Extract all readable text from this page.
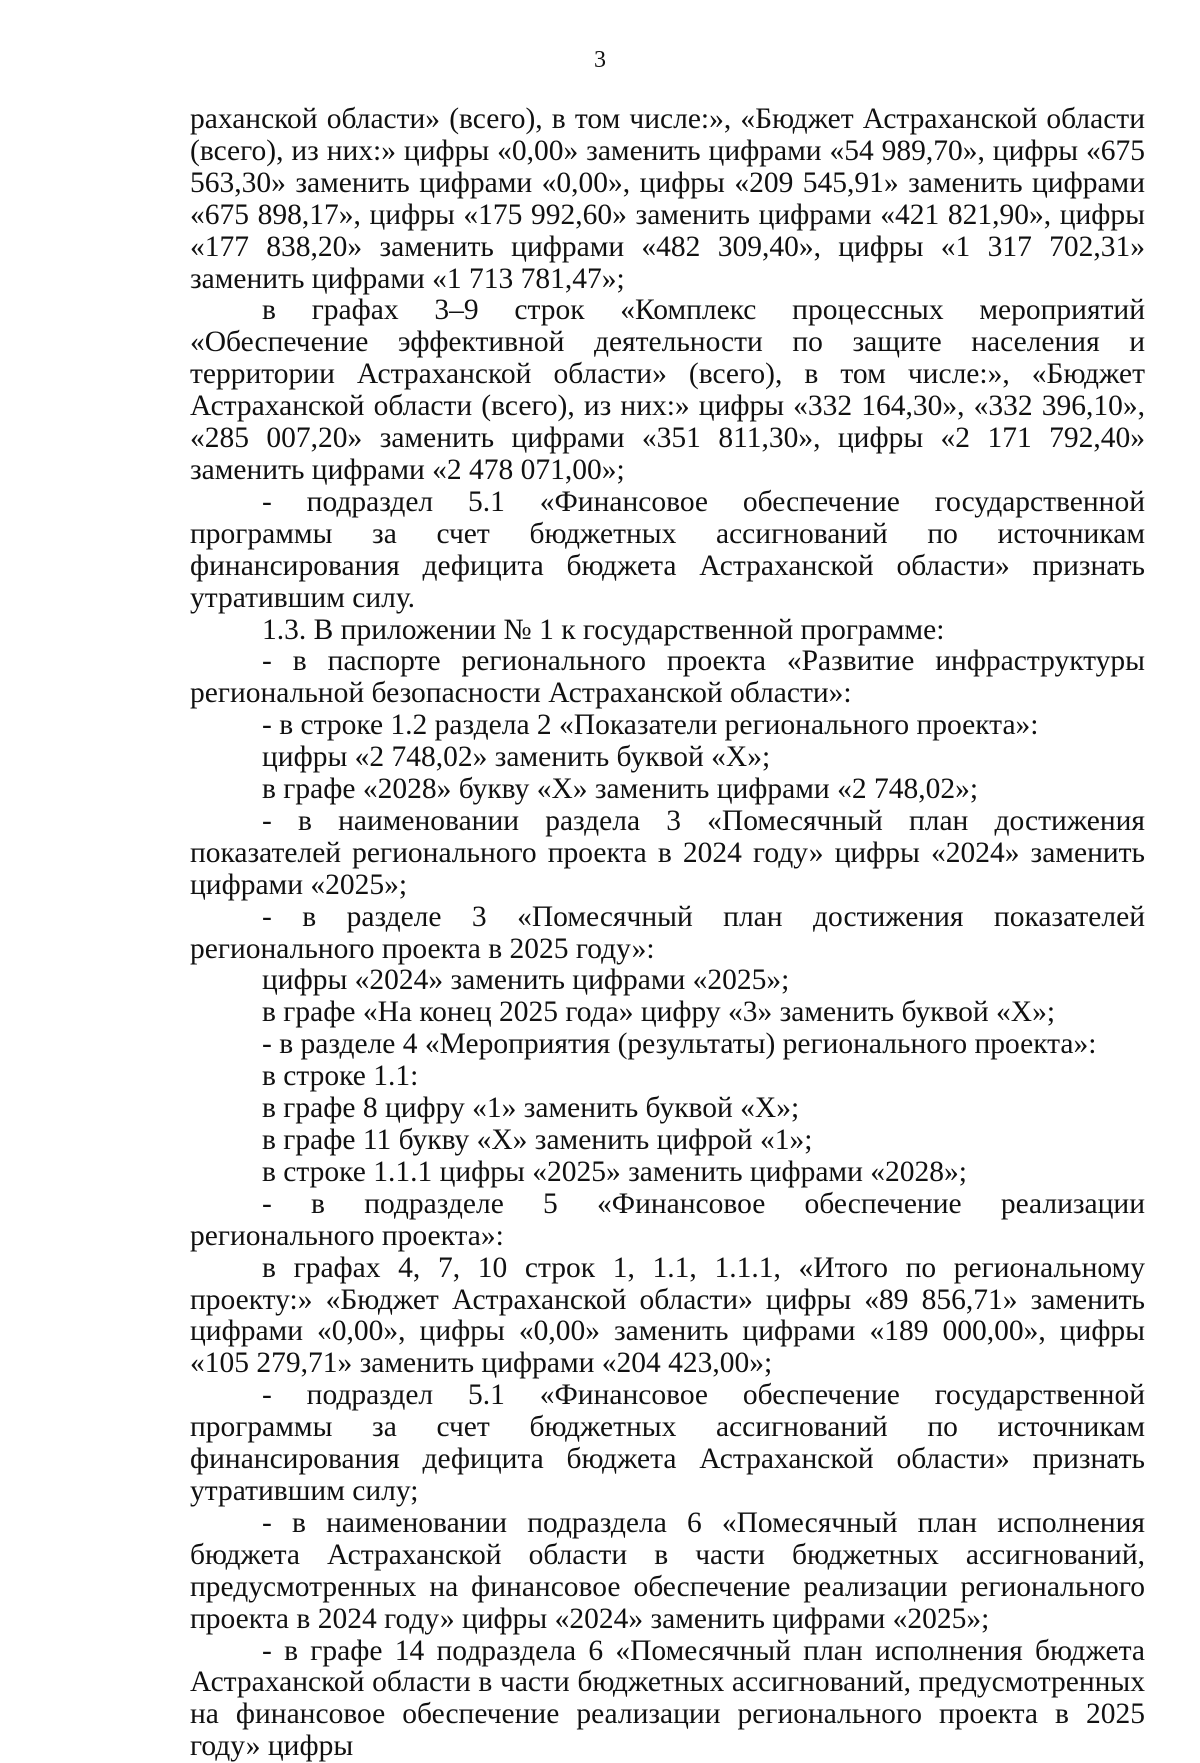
3

раханской области» (всего), в том числе:», «Бюджет Астраханской области (всего), из них:» цифры «0,00» заменить цифрами «54 989,70», цифры «675 563,30» заменить цифрами «0,00», цифры «209 545,91» заменить цифрами «675 898,17», цифры «175 992,60» заменить цифрами «421 821,90», цифры «177 838,20» заменить цифрами «482 309,40», цифры «1 317 702,31» заменить цифрами «1 713 781,47»;

в графах 3–9 строк «Комплекс процессных мероприятий «Обеспечение эффективной деятельности по защите населения и территории Астраханской области» (всего), в том числе:», «Бюджет Астраханской области (всего), из них:» цифры «332 164,30», «332 396,10», «285 007,20» заменить цифрами «351 811,30», цифры «2 171 792,40» заменить цифрами «2 478 071,00»;

- подраздел 5.1 «Финансовое обеспечение государственной программы за счет бюджетных ассигнований по источникам финансирования дефицита бюджета Астраханской области» признать утратившим силу.

1.3. В приложении № 1 к государственной программе:

- в паспорте регионального проекта «Развитие инфраструктуры региональной безопасности Астраханской области»:

- в строке 1.2 раздела 2 «Показатели регионального проекта»:

цифры «2 748,02» заменить буквой «Х»;

в графе «2028» букву «Х» заменить цифрами «2 748,02»;

- в наименовании раздела 3 «Помесячный план достижения показателей регионального проекта в 2024 году» цифры «2024» заменить цифрами «2025»;

- в разделе 3 «Помесячный план достижения показателей регионального проекта в 2025 году»:

цифры «2024» заменить цифрами «2025»;

в графе «На конец 2025 года» цифру «3» заменить буквой «Х»;

- в разделе 4 «Мероприятия (результаты) регионального проекта»:

в строке 1.1:

в графе 8 цифру «1» заменить буквой «Х»;

в графе 11 букву «Х» заменить цифрой «1»;

в строке 1.1.1 цифры «2025» заменить цифрами «2028»;

- в подразделе 5 «Финансовое обеспечение реализации регионального проекта»:

в графах 4, 7, 10 строк 1, 1.1, 1.1.1, «Итого по региональному проекту:» «Бюджет Астраханской области» цифры «89 856,71» заменить цифрами «0,00», цифры «0,00» заменить цифрами «189 000,00», цифры «105 279,71» заменить цифрами «204 423,00»;

- подраздел 5.1 «Финансовое обеспечение государственной программы за счет бюджетных ассигнований по источникам финансирования дефицита бюджета Астраханской области» признать утратившим силу;

- в наименовании подраздела 6 «Помесячный план исполнения бюджета Астраханской области в части бюджетных ассигнований, предусмотренных на финансовое обеспечение реализации регионального проекта в 2024 году» цифры «2024» заменить цифрами «2025»;

- в графе 14 подраздела 6 «Помесячный план исполнения бюджета Астраханской области в части бюджетных ассигнований, предусмотренных на финансовое обеспечение реализации регионального проекта в 2025 году» цифры
